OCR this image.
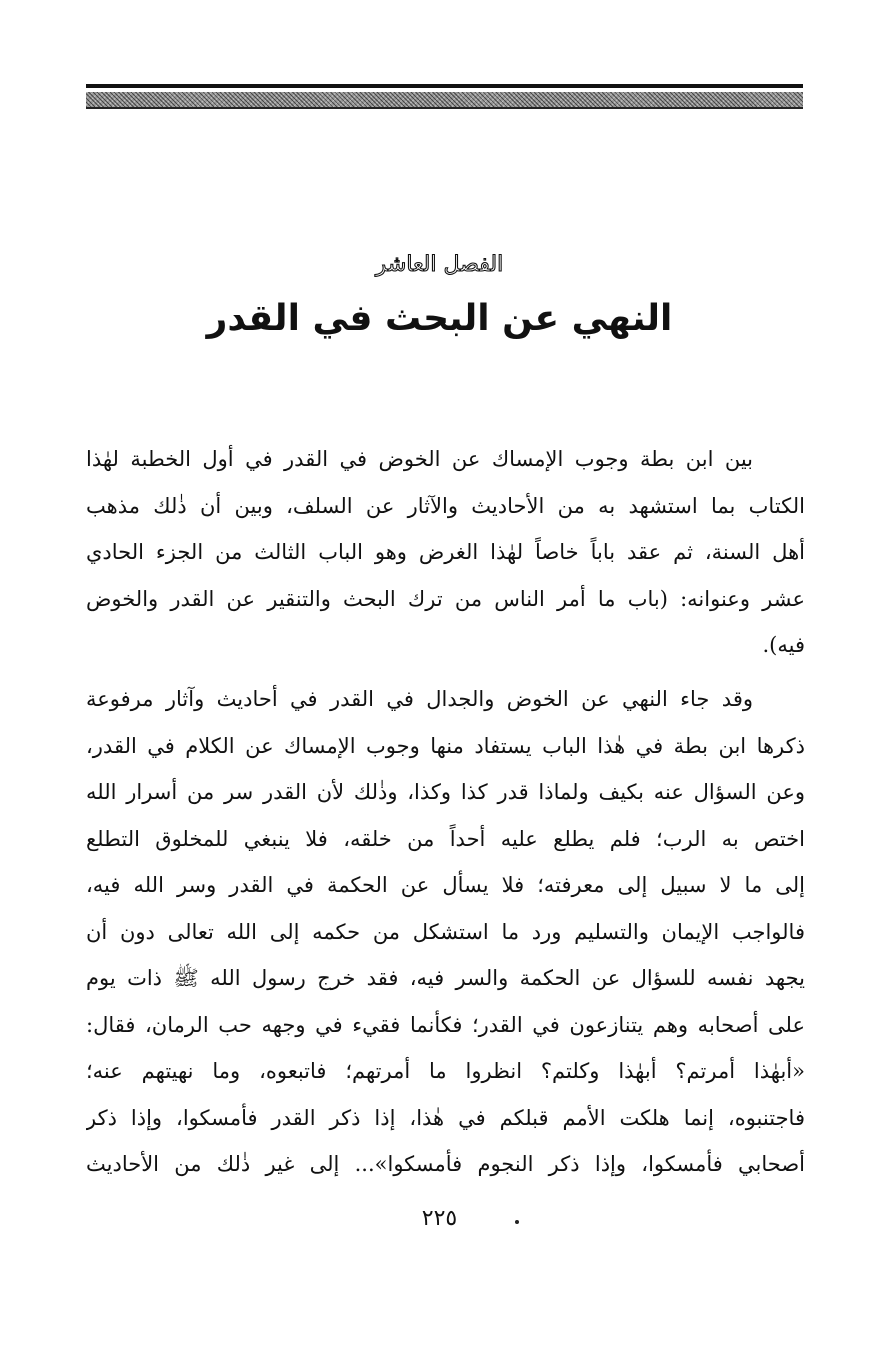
الفصل العاشر
النهي عن البحث في القدر
بين ابن بطة وجوب الإمساك عن الخوض في القدر في أول الخطبة لهٰذا
الكتاب بما استشهد به من الأحاديث والآثار عن السلف، وبين أن ذٰلك مذهب
أهل السنة، ثم عقد باباً خاصاً لهٰذا الغرض وهو الباب الثالث من الجزء الحادي
عشر وعنوانه: (باب ما أمر الناس من ترك البحث والتنقير عن القدر والخوض
فيه).
وقد جاء النهي عن الخوض والجدال في القدر في أحاديث وآثار مرفوعة
ذكرها ابن بطة في هٰذا الباب يستفاد منها وجوب الإمساك عن الكلام في القدر،
وعن السؤال عنه بكيف ولماذا قدر كذا وكذا، وذٰلك لأن القدر سر من أسرار الله
اختص به الرب؛ فلم يطلع عليه أحداً من خلقه، فلا ينبغي للمخلوق التطلع
إلى ما لا سبيل إلى معرفته؛ فلا يسأل عن الحكمة في القدر وسر الله فيه،
فالواجب الإيمان والتسليم ورد ما استشكل من حكمه إلى الله تعالى دون أن
يجهد نفسه للسؤال عن الحكمة والسر فيه، فقد خرج رسول الله ﷺ ذات يوم
على أصحابه وهم يتنازعون في القدر؛ فكأنما فقيء في وجهه حب الرمان، فقال:
«أبهٰذا أمرتم؟ أبهٰذا وكلتم؟ انظروا ما أمرتهم؛ فاتبعوه، وما نهيتهم عنه؛
فاجتنبوه، إنما هلكت الأمم قبلكم في هٰذا، إذا ذكر القدر فأمسكوا، وإذا ذكر
أصحابي فأمسكوا، وإذا ذكر النجوم فأمسكوا»... إلى غير ذٰلك من الأحاديث
٢٢٥
